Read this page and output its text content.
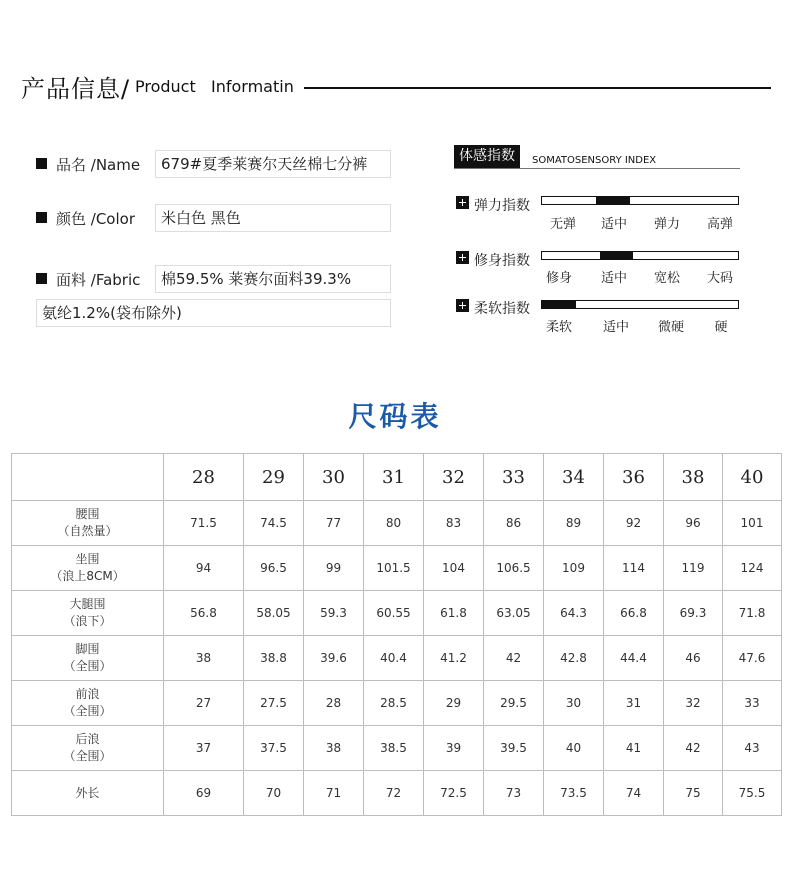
产品信息/ Product   Informatin
品名 /Name	679#夏季莱赛尔天丝棉七分裤
颜色 /Color	米白色 黑色
面料 /Fabric	棉59.5% 莱赛尔面料39.3%
氨纶1.2%(袋布除外)
体感指数	SOMATOSENSORY INDEX
弹力指数
无弹	适中	弹力	高弹
修身指数
修身	适中	宽松	大码
柔软指数
柔软	适中	微硬	硬
尺码表
	28	29	30	31	32	33	34	36	38	40

腰围
（自然量）	71.5	74.5	77	80	83	86	89	92	96	101

坐围
（浪上8CM）	94	96.5	99	101.5	104	106.5	109	114	119	124

大腿围
（浪下）	56.8	58.05	59.3	60.55	61.8	63.05	64.3	66.8	69.3	71.8

脚围
（全围）	38	38.8	39.6	40.4	41.2	42	42.8	44.4	46	47.6

前浪
（全围）	27	27.5	28	28.5	29	29.5	30	31	32	33

后浪
（全围）	37	37.5	38	38.5	39	39.5	40	41	42	43

外长	69	70	71	72	72.5	73	73.5	74	75	75.5
